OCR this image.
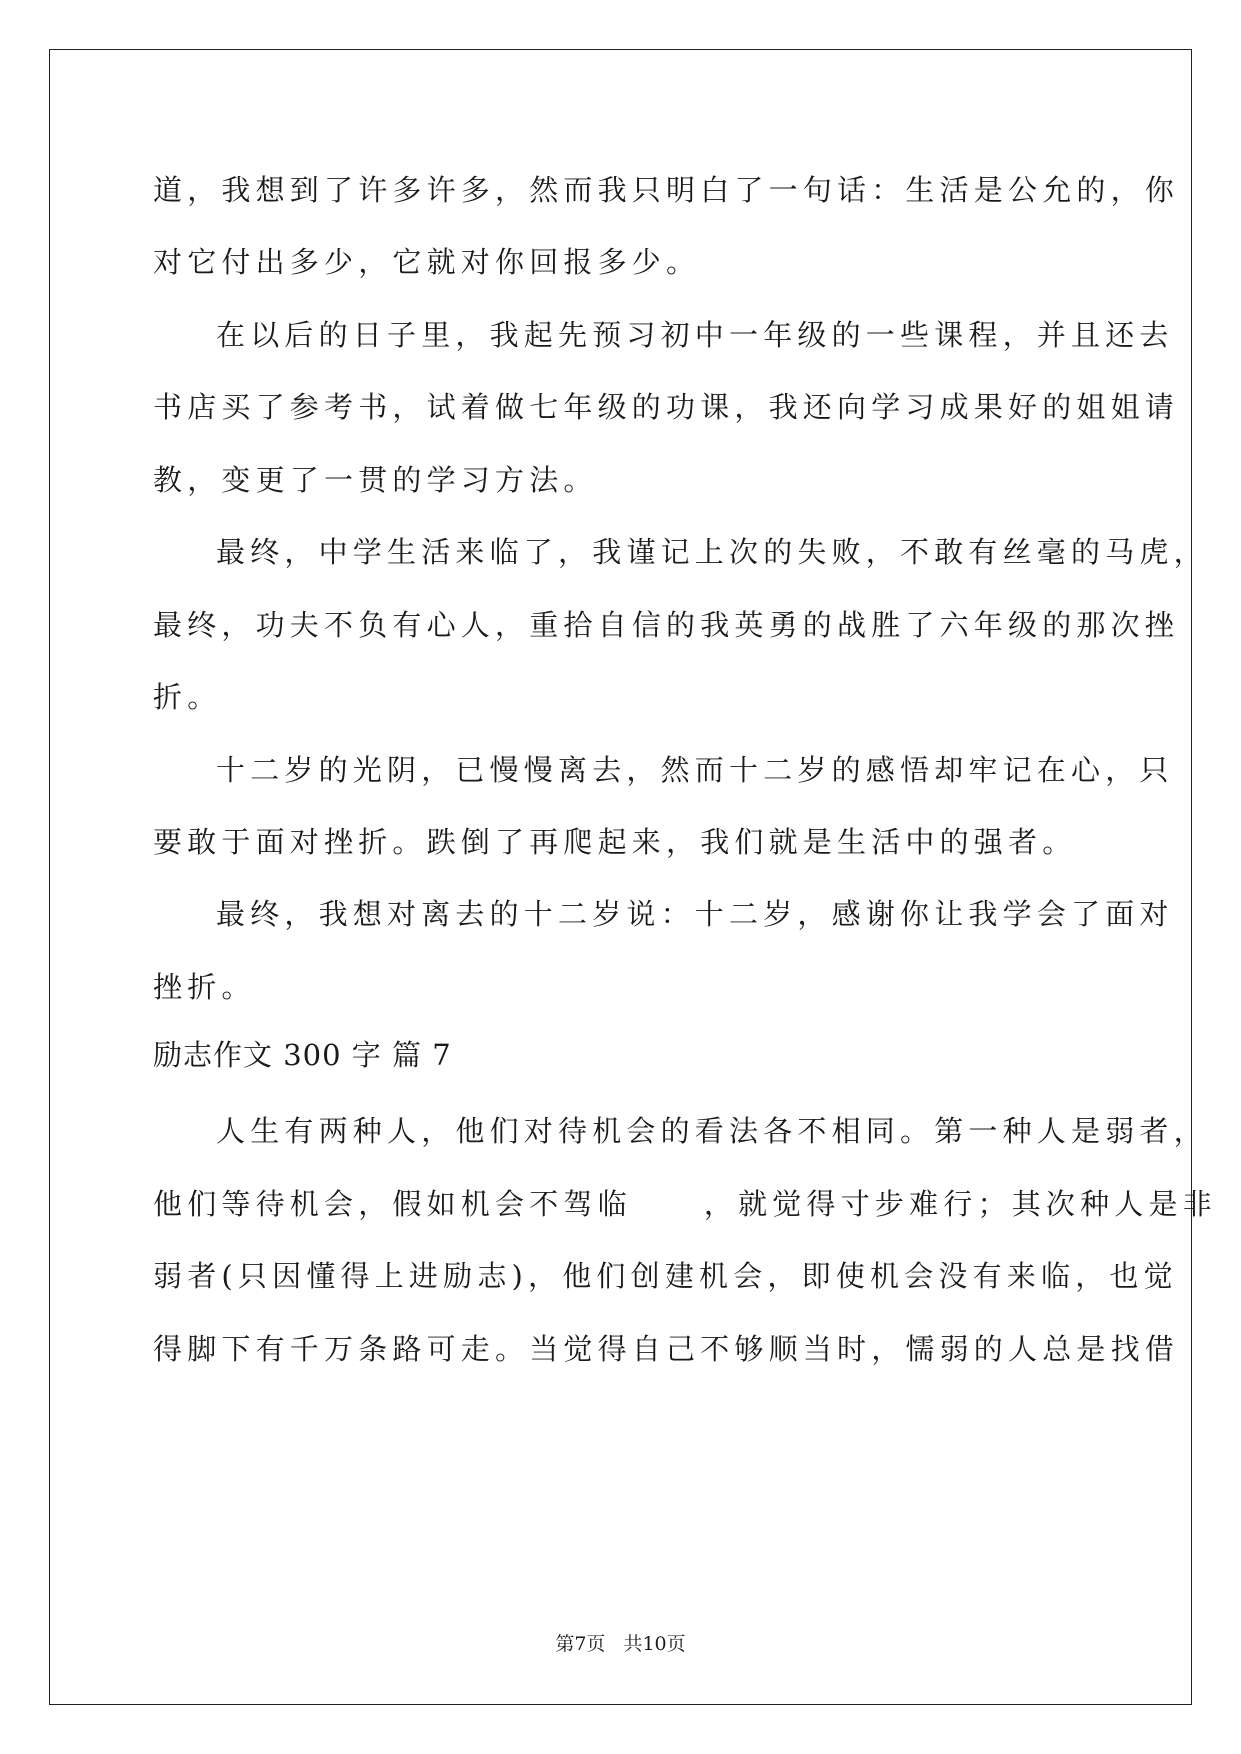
道，我想到了许多许多，然而我只明白了一句话：生活是公允的，你
对它付出多少，它就对你回报多少。
在以后的日子里，我起先预习初中一年级的一些课程，并且还去
书店买了参考书，试着做七年级的功课，我还向学习成果好的姐姐请
教，变更了一贯的学习方法。
最终，中学生活来临了，我谨记上次的失败，不敢有丝毫的马虎，
最终，功夫不负有心人，重拾自信的我英勇的战胜了六年级的那次挫
折。
十二岁的光阴，已慢慢离去，然而十二岁的感悟却牢记在心，只
要敢于面对挫折。跌倒了再爬起来，我们就是生活中的强者。
最终，我想对离去的十二岁说：十二岁，感谢你让我学会了面对
挫折。
励志作文 300 字 篇 7
人生有两种人，他们对待机会的看法各不相同。第一种人是弱者，
他们等待机会，假如机会不驾临     ，就觉得寸步难行；其次种人是非
弱者(只因懂得上进励志)，他们创建机会，即使机会没有来临，也觉
得脚下有千万条路可走。当觉得自己不够顺当时，懦弱的人总是找借
第7页 共10页
